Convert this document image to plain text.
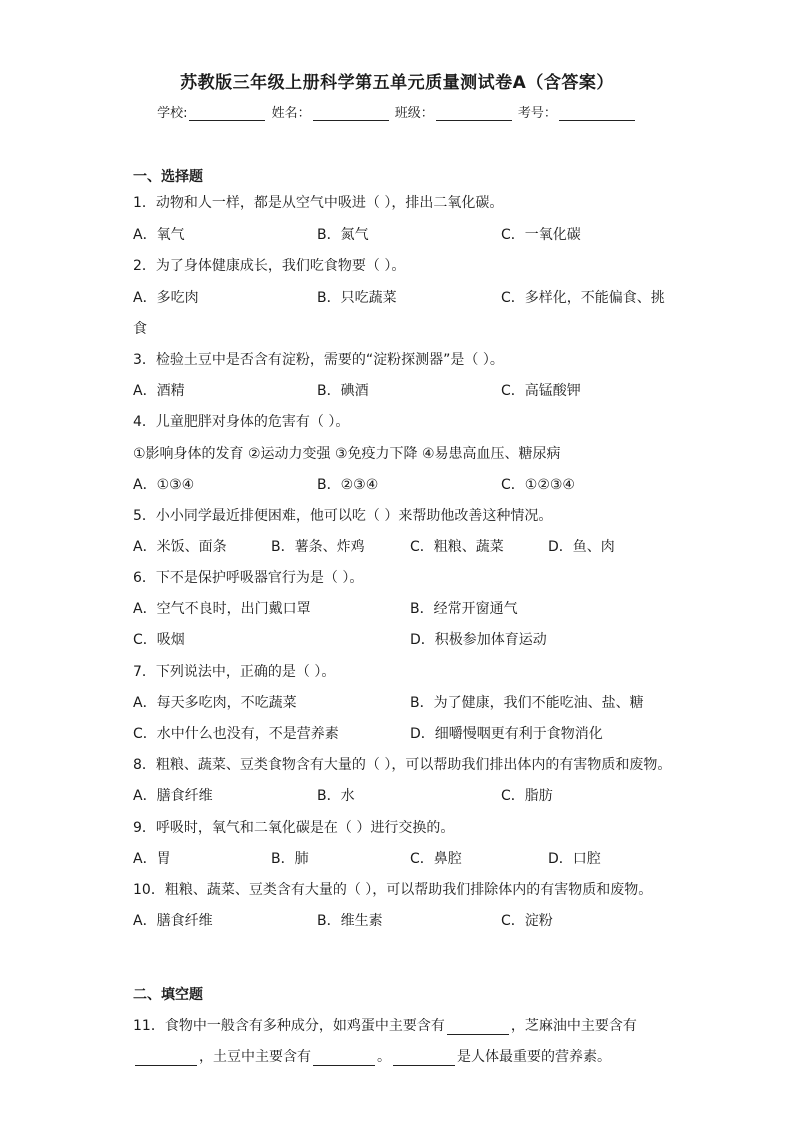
苏教版三年级上册科学第五单元质量测试卷A（含答案）
学校:	姓名：	班级：	考号：
一、选择题
1．动物和人一样，都是从空气中吸进（ ），排出二氧化碳。
A．氧气	B．氮气	C．一氧化碳
2．为了身体健康成长，我们吃食物要（ ）。
A．多吃肉	B．只吃蔬菜	C．多样化，不能偏食、挑
食
3．检验土豆中是否含有淀粉，需要的“淀粉探测器”是（ ）。
A．酒精	B．碘酒	C．高锰酸钾
4．儿童肥胖对身体的危害有（ ）。
①影响身体的发育 ②运动力变强 ③免疫力下降 ④易患高血压、糖尿病
A．①③④	B．②③④	C．①②③④
5．小小同学最近排便困难，他可以吃（ ）来帮助他改善这种情况。
A．米饭、面条	B．薯条、炸鸡	C．粗粮、蔬菜	D．鱼、肉
6．下不是保护呼吸器官行为是（ ）。
A．空气不良时，出门戴口罩	B．经常开窗通气
C．吸烟	D．积极参加体育运动
7．下列说法中，正确的是（ ）。
A．每天多吃肉，不吃蔬菜	B．为了健康，我们不能吃油、盐、糖
C．水中什么也没有，不是营养素	D．细嚼慢咽更有利于食物消化
8．粗粮、蔬菜、豆类食物含有大量的（ ），可以帮助我们排出体内的有害物质和废物。
A．膳食纤维	B．水	C．脂肪
9．呼吸时，氧气和二氧化碳是在（ ）进行交换的。
A．胃	B．肺	C．鼻腔	D．口腔
10．粗粮、蔬菜、豆类含有大量的（ ），可以帮助我们排除体内的有害物质和废物。
A．膳食纤维	B．维生素	C．淀粉
二、填空题
11．食物中一般含有多种成分，如鸡蛋中主要含有	，芝麻油中主要含有
，土豆中主要含有	。	是人体最重要的营养素。
